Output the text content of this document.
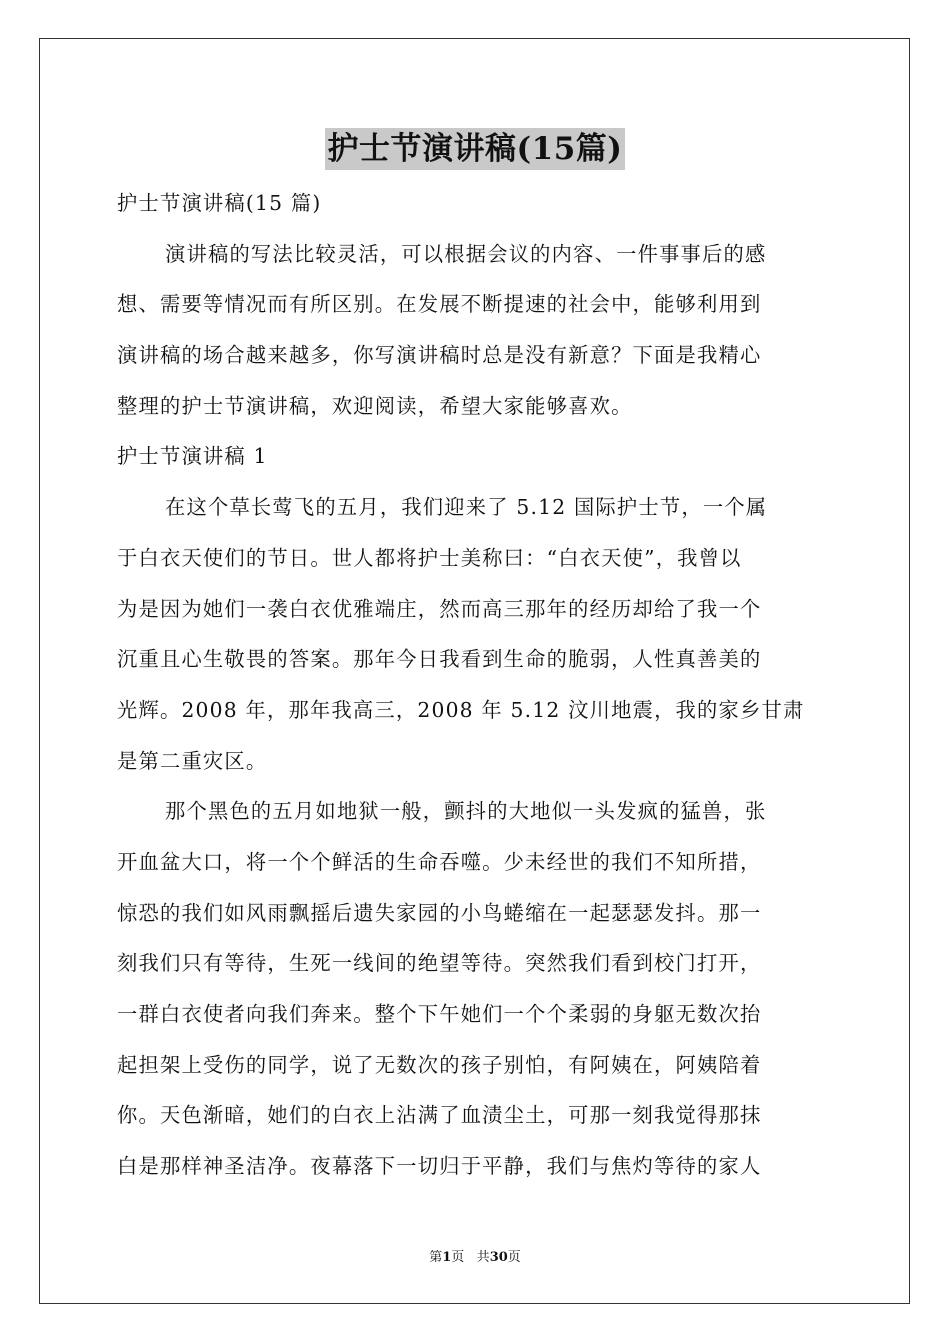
护士节演讲稿(15篇)
护士节演讲稿(15 篇)
演讲稿的写法比较灵活，可以根据会议的内容、一件事事后的感
想、需要等情况而有所区别。在发展不断提速的社会中，能够利用到
演讲稿的场合越来越多，你写演讲稿时总是没有新意？下面是我精心
整理的护士节演讲稿，欢迎阅读，希望大家能够喜欢。
护士节演讲稿 1
在这个草长莺飞的五月，我们迎来了 5.12 国际护士节，一个属
于白衣天使们的节日。世人都将护士美称曰：“白衣天使”，我曾以
为是因为她们一袭白衣优雅端庄，然而高三那年的经历却给了我一个
沉重且心生敬畏的答案。那年今日我看到生命的脆弱，人性真善美的
光辉。2008 年，那年我高三，2008 年 5.12 汶川地震，我的家乡甘肃
是第二重灾区。
那个黑色的五月如地狱一般，颤抖的大地似一头发疯的猛兽，张
开血盆大口，将一个个鲜活的生命吞噬。少未经世的我们不知所措，
惊恐的我们如风雨飘摇后遗失家园的小鸟蜷缩在一起瑟瑟发抖。那一
刻我们只有等待，生死一线间的绝望等待。突然我们看到校门打开，
一群白衣使者向我们奔来。整个下午她们一个个柔弱的身躯无数次抬
起担架上受伤的同学，说了无数次的孩子别怕，有阿姨在，阿姨陪着
你。天色渐暗，她们的白衣上沾满了血渍尘土，可那一刻我觉得那抹
白是那样神圣洁净。夜幕落下一切归于平静，我们与焦灼等待的家人
第1页 共30页
